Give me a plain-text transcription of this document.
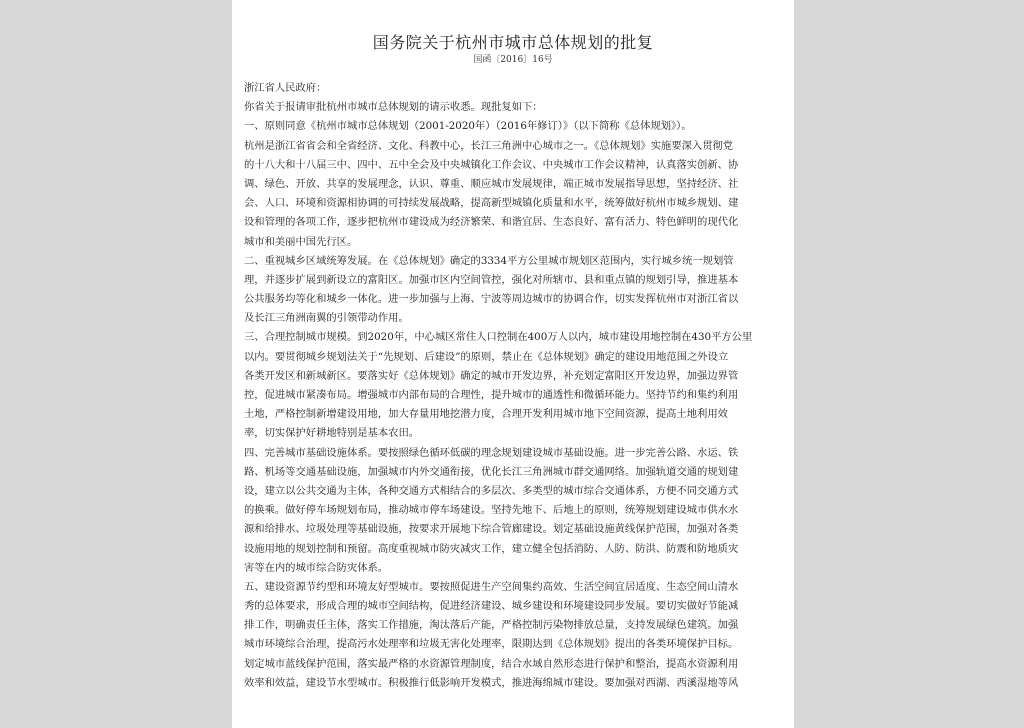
国务院关于杭州市城市总体规划的批复
国函〔2016〕16号
浙江省人民政府：
你省关于报请审批杭州市城市总体规划的请示收悉。现批复如下：
一、原则同意《杭州市城市总体规划（2001-2020年）（2016年修订）》（以下简称《总体规划》）。
杭州是浙江省省会和全省经济、文化、科教中心，长江三角洲中心城市之一。《总体规划》实施要深入贯彻党
的十八大和十八届三中、四中、五中全会及中央城镇化工作会议、中央城市工作会议精神，认真落实创新、协
调、绿色、开放、共享的发展理念，认识、尊重、顺应城市发展规律，端正城市发展指导思想，坚持经济、社
会、人口、环境和资源相协调的可持续发展战略，提高新型城镇化质量和水平，统筹做好杭州市城乡规划、建
设和管理的各项工作，逐步把杭州市建设成为经济繁荣、和谐宜居、生态良好、富有活力、特色鲜明的现代化
城市和美丽中国先行区。
二、重视城乡区域统筹发展。在《总体规划》确定的3334平方公里城市规划区范围内，实行城乡统一规划管
理，并逐步扩展到新设立的富阳区。加强市区内空间管控，强化对所辖市、县和重点镇的规划引导，推进基本
公共服务均等化和城乡一体化。进一步加强与上海、宁波等周边城市的协调合作，切实发挥杭州市对浙江省以
及长江三角洲南翼的引领带动作用。
三、合理控制城市规模。到2020年，中心城区常住人口控制在400万人以内，城市建设用地控制在430平方公里
以内。要贯彻城乡规划法关于“先规划、后建设”的原则，禁止在《总体规划》确定的建设用地范围之外设立
各类开发区和新城新区。要落实好《总体规划》确定的城市开发边界，补充划定富阳区开发边界，加强边界管
控，促进城市紧凑布局。增强城市内部布局的合理性，提升城市的通透性和微循环能力。坚持节约和集约利用
土地，严格控制新增建设用地，加大存量用地挖潜力度，合理开发利用城市地下空间资源，提高土地利用效
率，切实保护好耕地特别是基本农田。
四、完善城市基础设施体系。要按照绿色循环低碳的理念规划建设城市基础设施。进一步完善公路、水运、铁
路、机场等交通基础设施，加强城市内外交通衔接，优化长江三角洲城市群交通网络。加强轨道交通的规划建
设，建立以公共交通为主体，各种交通方式相结合的多层次、多类型的城市综合交通体系，方便不同交通方式
的换乘。做好停车场规划布局，推动城市停车场建设。坚持先地下、后地上的原则，统筹规划建设城市供水水
源和给排水、垃圾处理等基础设施，按要求开展地下综合管廊建设。划定基础设施黄线保护范围，加强对各类
设施用地的规划控制和预留。高度重视城市防灾减灾工作，建立健全包括消防、人防、防洪、防震和防地质灾
害等在内的城市综合防灾体系。
五、建设资源节约型和环境友好型城市。要按照促进生产空间集约高效、生活空间宜居适度、生态空间山清水
秀的总体要求，形成合理的城市空间结构，促进经济建设、城乡建设和环境建设同步发展。要切实做好节能减
排工作，明确责任主体，落实工作措施，淘汰落后产能，严格控制污染物排放总量，支持发展绿色建筑。加强
城市环境综合治理，提高污水处理率和垃圾无害化处理率，限期达到《总体规划》提出的各类环境保护目标。
划定城市蓝线保护范围，落实最严格的水资源管理制度，结合水域自然形态进行保护和整治，提高水资源利用
效率和效益，建设节水型城市。积极推行低影响开发模式，推进海绵城市建设。要加强对西湖、西溪湿地等风
